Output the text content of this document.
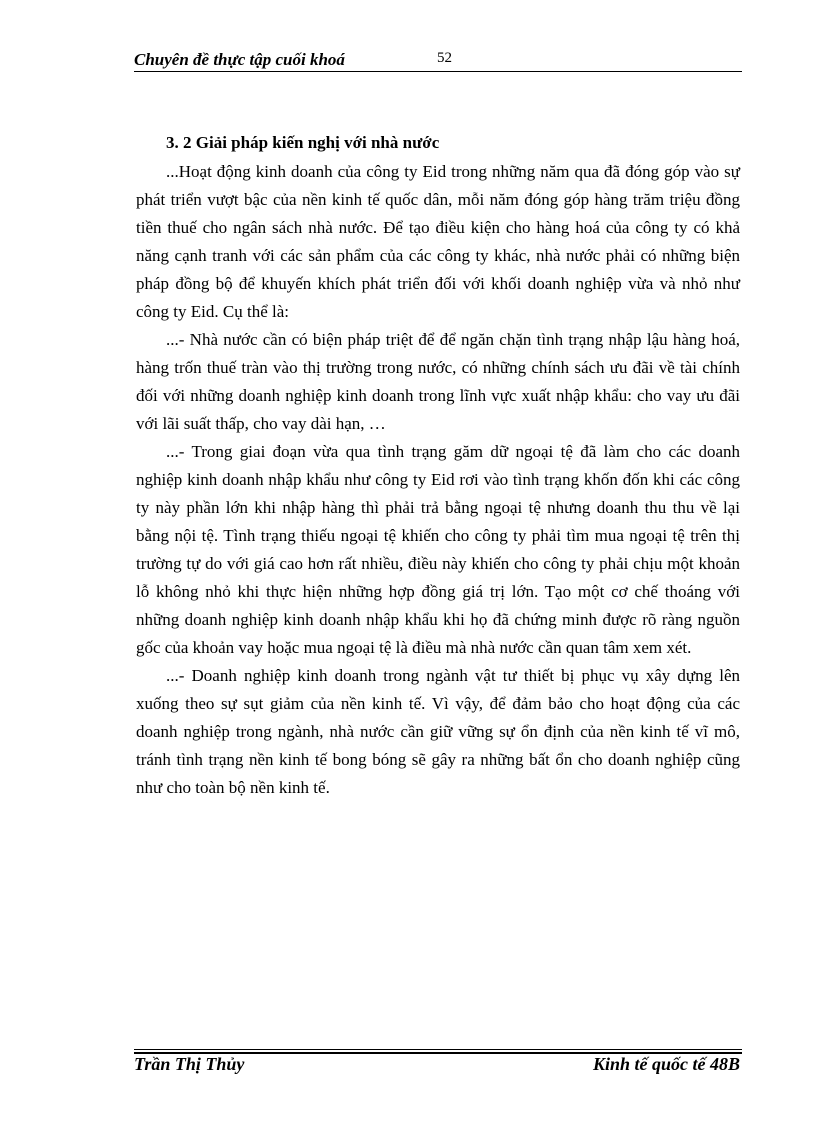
Chuyên đề thực tập cuối khoá	52
3. 2 Giải pháp kiến nghị với nhà nước

...Hoạt động kinh doanh của công ty Eid trong những năm qua đã đóng góp vào sự phát triển vượt bậc của nền kinh tế quốc dân, mỗi năm đóng góp hàng trăm triệu đồng tiền thuế cho ngân sách nhà nước. Để tạo điều kiện cho hàng hoá của công ty có khả năng cạnh tranh với các sản phẩm của các công ty khác, nhà nước phải có những biện pháp đồng bộ để khuyến khích phát triển đối với khối doanh nghiệp vừa và nhỏ như công ty Eid. Cụ thể là:

...- Nhà nước cần có biện pháp triệt để để ngăn chặn tình trạng nhập lậu hàng hoá, hàng trốn thuế tràn vào thị trường trong nước, có những chính sách ưu đãi về tài chính đối với những doanh nghiệp kinh doanh trong lĩnh vực xuất nhập khẩu: cho vay ưu đãi với lãi suất thấp, cho vay dài hạn, …

...- Trong giai đoạn vừa qua tình trạng găm dữ ngoại tệ đã làm cho các doanh nghiệp kinh doanh nhập khẩu như công ty Eid rơi vào tình trạng khốn đốn khi các công ty này phần lớn khi nhập hàng thì phải trả bằng ngoại tệ nhưng doanh thu thu về lại bằng nội tệ. Tình trạng thiếu ngoại tệ khiến cho công ty phải tìm mua ngoại tệ trên thị trường tự do với giá cao hơn rất nhiều, điều này khiến cho công ty phải chịu một khoản lỗ không nhỏ khi thực hiện những hợp đồng giá trị lớn. Tạo một cơ chế thoáng với những doanh nghiệp kinh doanh nhập khẩu khi họ đã chứng minh được rõ ràng nguồn gốc của khoản vay hoặc mua ngoại tệ là điều mà nhà nước cần quan tâm xem xét.

...- Doanh nghiệp kinh doanh trong ngành vật tư thiết bị phục vụ xây dựng lên xuống theo sự sụt giảm của nền kinh tế. Vì vậy, để đảm bảo cho hoạt động của các doanh nghiệp trong ngành, nhà nước cần giữ vững sự ổn định của nền kinh tế vĩ mô, tránh tình trạng nền kinh tế bong bóng sẽ gây ra những bất ổn cho doanh nghiệp cũng như cho toàn bộ nền kinh tế.

Trần Thị Thủy	Kinh tế quốc tế 48B
